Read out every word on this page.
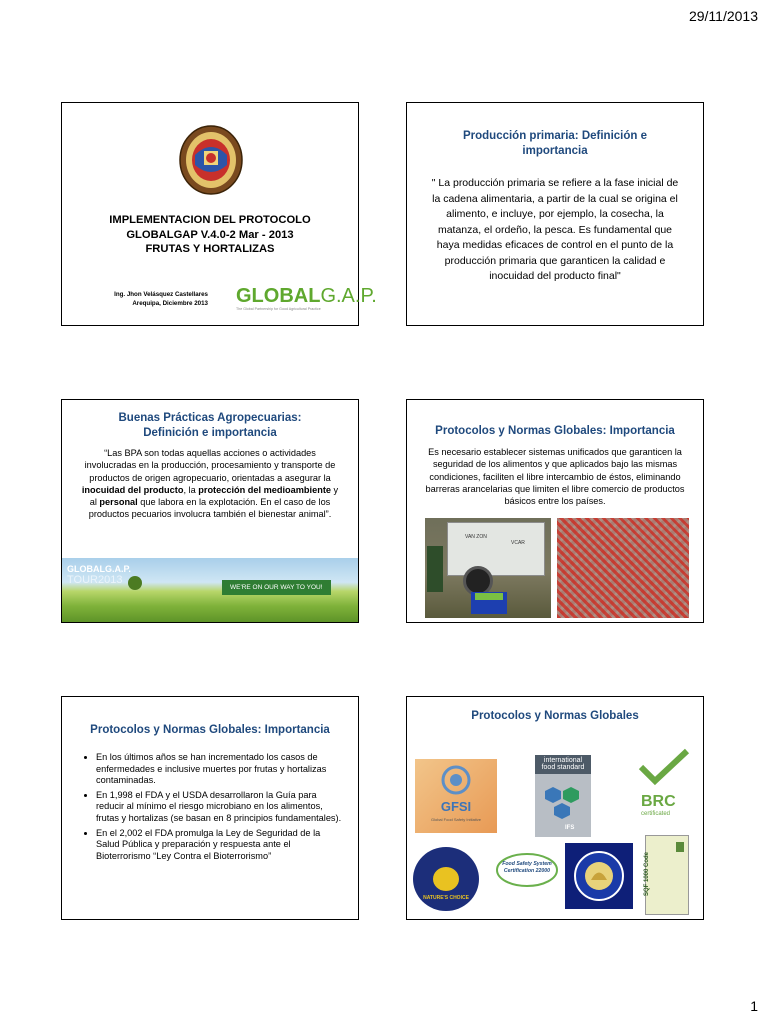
29/11/2013
IMPLEMENTACION DEL PROTOCOLO
GLOBALGAP V.4.0-2 Mar - 2013
FRUTAS Y HORTALIZAS
Ing. Jhon Velásquez Castellares
Arequipa, Diciembre 2013 GLOBALG.A.P.
The Global Partnership for Good Agricultural Practice
Producción primaria: Definición e importancia
" La producción primaria se refiere a la fase inicial de la cadena alimentaria, a partir de la cual se origina el alimento, e incluye, por ejemplo, la cosecha, la matanza, el ordeño, la pesca. Es fundamental que haya medidas eficaces de control en el punto de la producción primaria que garanticen la calidad e inocuidad del producto final"
Buenas Prácticas Agropecuarias: Definición e importancia
“Las BPA son todas aquellas acciones o actividades involucradas en la producción, procesamiento y transporte de productos de origen agropecuario, orientadas a asegurar la inocuidad del producto, la protección del medioambiente y al personal que labora en la explotación. En el caso de los productos pecuarios involucra también el bienestar animal”.
GLOBALG.A.P.
TOUR2013
WE'RE ON OUR WAY TO YOU!
Protocolos y Normas Globales: Importancia
Es necesario establecer sistemas unificados que garanticen la seguridad de los alimentos y que aplicados bajo las mismas condiciones, faciliten el libre intercambio de éstos, eliminando barreras arancelarias que limiten el libre comercio de productos básicos entre los países.
VAN ZON
VCAR
Protocolos y Normas Globales: Importancia
• En los últimos años se han incrementado los casos de enfermedades e inclusive muertes por frutas y hortalizas contaminadas.
• En 1,998 el FDA y el USDA desarrollaron la Guía para reducir al mínimo el riesgo microbiano en los alimentos, frutas y hortalizas (se basan en 8 principios fundamentales).
• En el 2,002 el FDA promulga la Ley de Seguridad de la Salud Pública y preparación y respuesta ante el Bioterrorismo “Ley Contra el Bioterrorismo”
Protocolos y Normas Globales
GFSI
Global Food Safety Initiative
international
food standard
IFS
BRC
certificated
NATURE'S CHOICE
Food Safety System
Certification 22000	SQF 1000 Code
1
